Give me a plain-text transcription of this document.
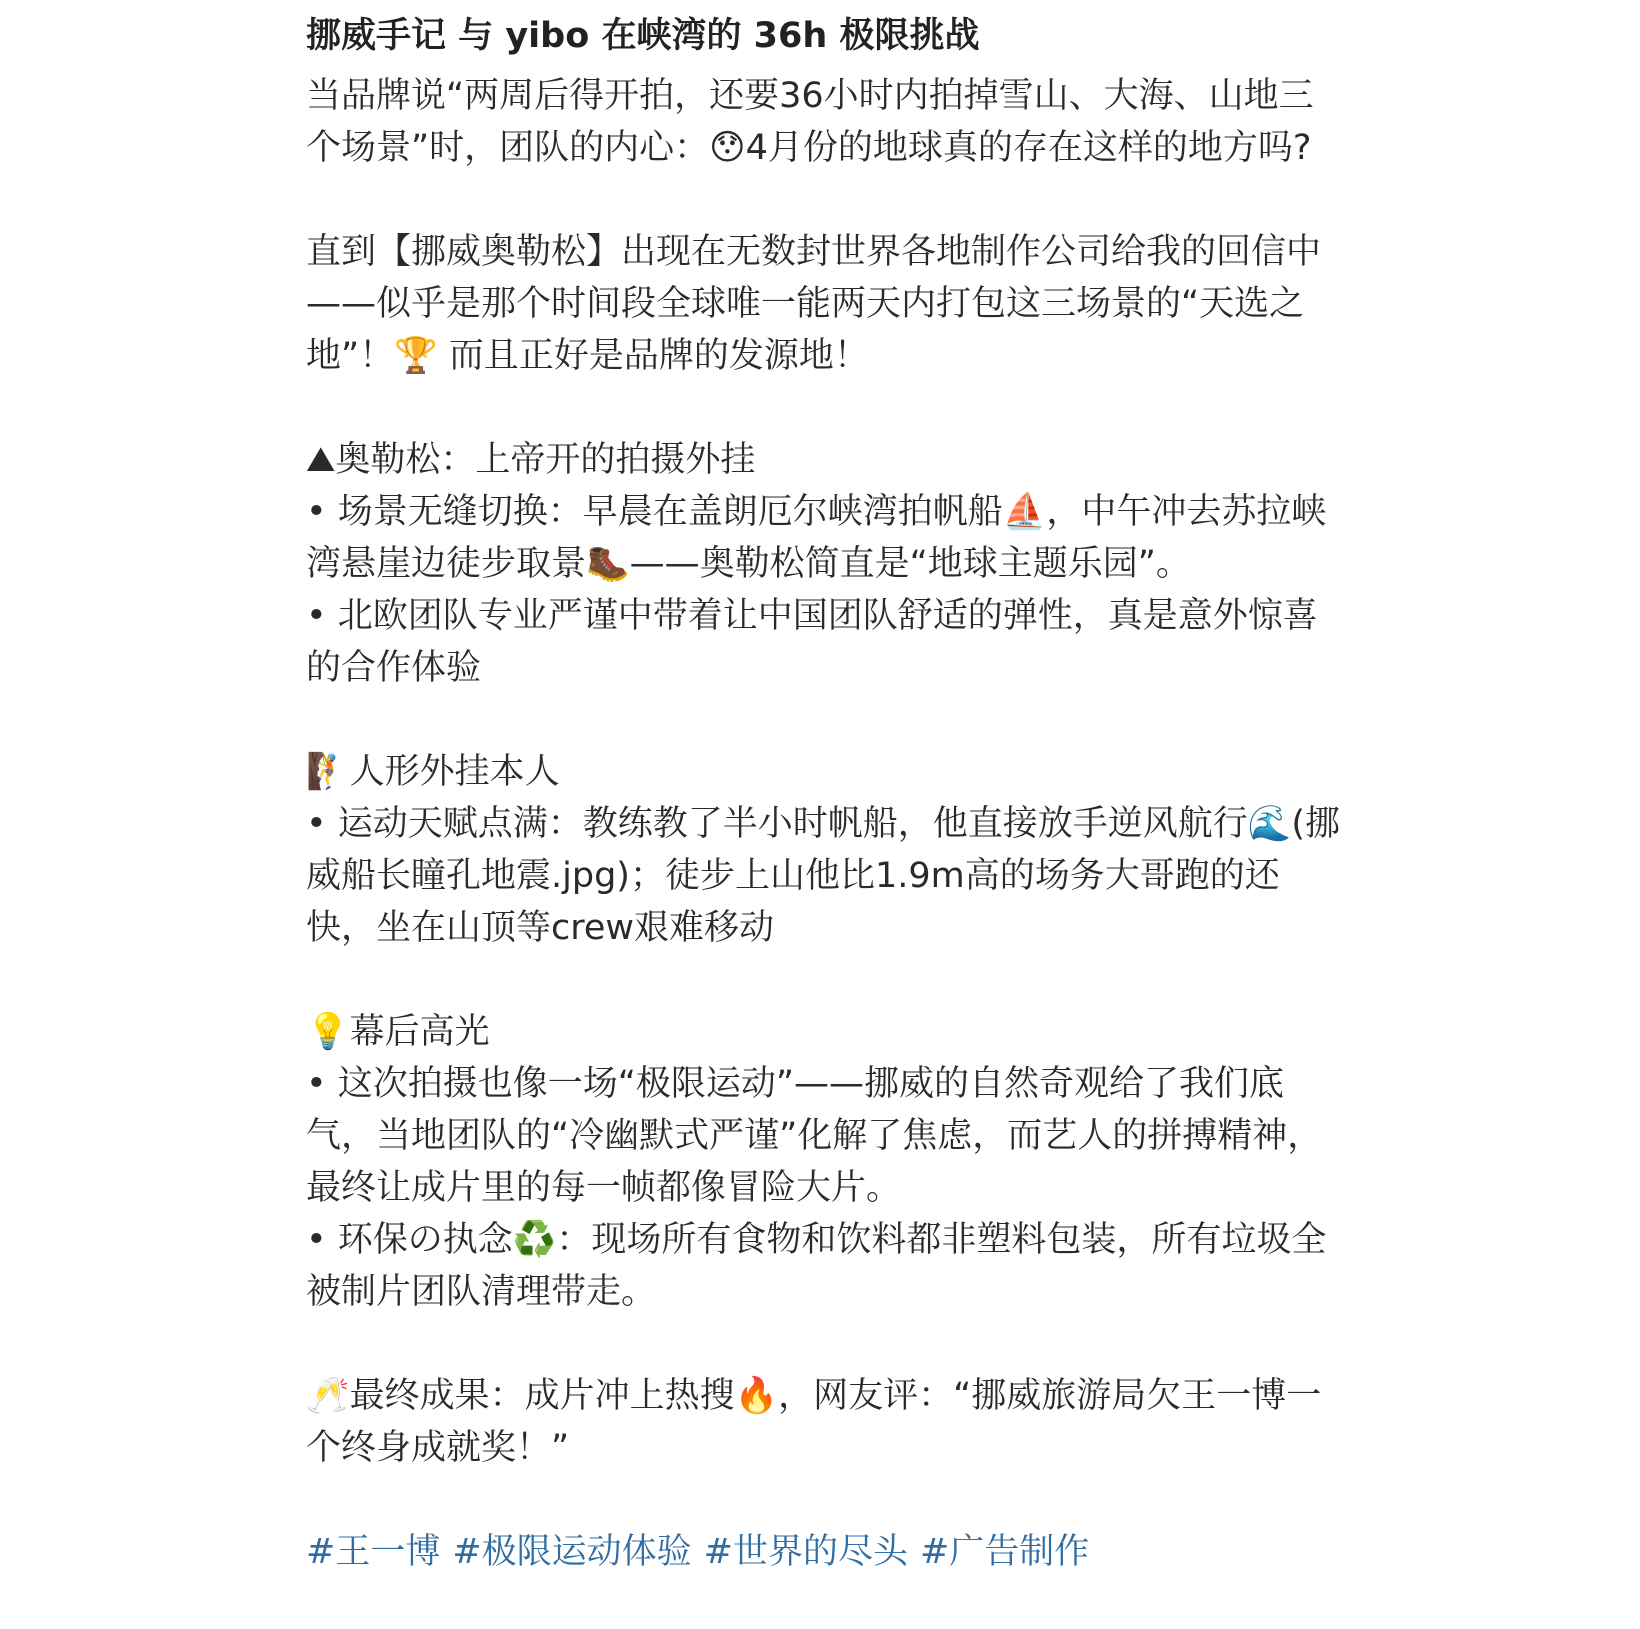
挪威手记 与 yibo 在峡湾的 36h 极限挑战

当品牌说“两周后得开拍，还要36小时内拍掉雪山、大海、山地三个场景”时，团队的内心：😯4月份的地球真的存在这样的地方吗?

直到【挪威奥勒松】出现在无数封世界各地制作公司给我的回信中——似乎是那个时间段全球唯一能两天内打包这三场景的“天选之地”！🏆 而且正好是品牌的发源地！

⛰奥勒松：上帝开的拍摄外挂
• 场景无缝切换：早晨在盖朗厄尔峡湾拍帆船⛵，中午冲去苏拉峡湾悬崖边徒步取景🥾——奥勒松简直是“地球主题乐园”。
• 北欧团队专业严谨中带着让中国团队舒适的弹性，真是意外惊喜的合作体验
🧗人形外挂本人
• 运动天赋点满：教练教了半小时帆船，他直接放手逆风航行🌊(挪威船长瞳孔地震.jpg)；徒步上山他比1.9m高的场务大哥跑的还快，坐在山顶等crew艰难移动
💡幕后高光
• 这次拍摄也像一场“极限运动”——挪威的自然奇观给了我们底气，当地团队的“冷幽默式严谨”化解了焦虑，而艺人的拼搏精神，最终让成片里的每一帧都像冒险大片。
• 环保の执念♻️：现场所有食物和饮料都非塑料包装，所有垃圾全被制片团队清理带走。

🥂最终成果：成片冲上热搜🔥，网友评：“挪威旅游局欠王一博一个终身成就奖！”

#王一博 #极限运动体验 #世界的尽头 #广告制作
